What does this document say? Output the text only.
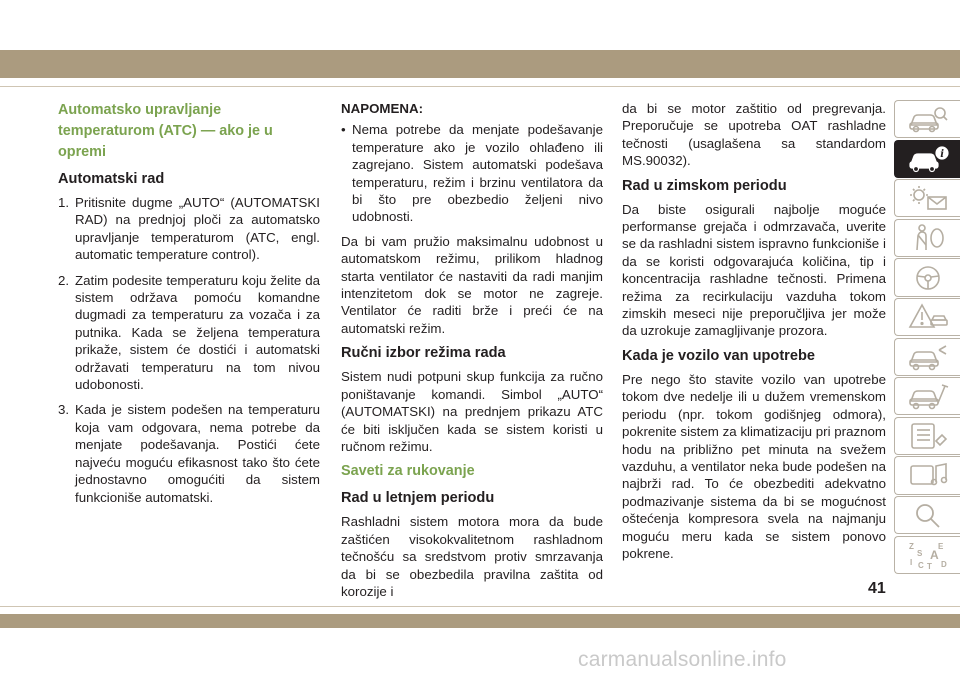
Automatsko upravljanje
temperaturom (ATC) — ako je u
opremi
Automatski rad
1. Pritisnite dugme „AUTO“ (AUTOMATSKI RAD) na prednjoj ploči za automatsko upravljanje temperaturom (ATC, engl. automatic temperature control).
2. Zatim podesite temperaturu koju želite da sistem održava pomoću komandne dugmadi za temperaturu za vozača i za putnika. Kada se željena temperatura prikaže, sistem će dostići i automatski održavati temperaturu na tom nivou udobonosti.
3. Kada je sistem podešen na temperaturu koja vam odgovara, nema potrebe da menjate podešavanja. Postići ćete najveću moguću efikasnost tako što ćete jednostavno omogućiti da sistem funkcioniše automatski.
NAPOMENA:
• Nema potrebe da menjate podešavanje temperature ako je vozilo ohlađeno ili zagrejano. Sistem automatski podešava temperaturu, režim i brzinu ventilatora da bi što pre obezbedio željeni nivo udobnosti.

Da bi vam pružio maksimalnu udobnost u automatskom režimu, prilikom hladnog starta ventilator će nastaviti da radi manjim intenzitetom dok se motor ne zagreje. Ventilator će raditi brže i preći će na automatski režim.

Ručni izbor režima rada

Sistem nudi potpuni skup funkcija za ručno poništavanje komandi. Simbol „AUTO“ (AUTOMATSKI) na prednjem prikazu ATC će biti isključen kada se sistem koristi u ručnom režimu.

Saveti za rukovanje
Rad u letnjem periodu

Rashladni sistem motora mora da bude zaštićen visokokvalitetnom rashladnom tečnošću sa sredstvom protiv smrzavanja da bi se obezbedila pravilna zaštita od korozije i

da bi se motor zaštitio od pregrevanja. Preporučuje se upotreba OAT rashladne tečnosti (usaglašena sa standardom MS.90032).

Rad u zimskom periodu

Da biste osigurali najbolje moguće performanse grejača i odmrzavača, uverite se da rashladni sistem ispravno funkcioniše i da se koristi odgovarajuća količina, tip i koncentracija rashladne tečnosti. Primena režima za recirkulaciju vazduha tokom zimskih meseci nije preporučljiva jer može da uzrokuje zamagljivanje prozora.

Kada je vozilo van upotrebe

Pre nego što stavite vozilo van upotrebe tokom dve nedelje ili u dužem vremenskom periodu (npr. tokom godišnjeg odmora), pokrenite sistem za klimatizaciju pri praznom hodu na približno pet minuta na svežem vazduhu, a ventilator neka bude podešen na najbrži rad. To će obezbediti adekvatno podmazivanje sistema da bi se mogućnost oštećenja kompresora svela na najmanju moguću meru kada se sistem ponovo pokrene.

i
Z	E
S A
I C T D
41
carmanualsonline.info
